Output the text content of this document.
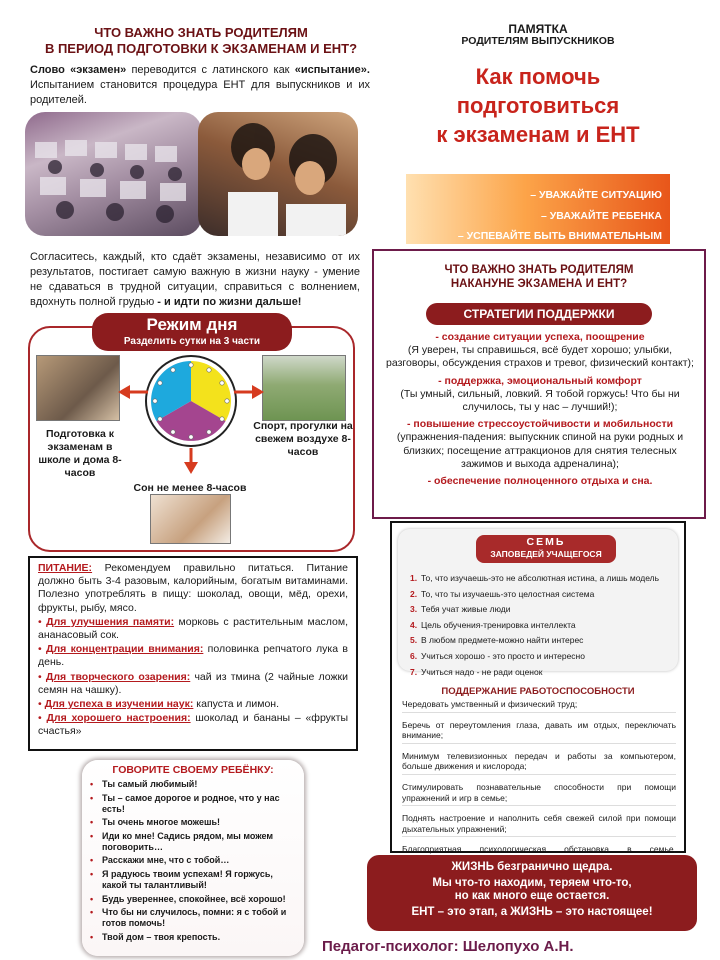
ЧТО ВАЖНО ЗНАТЬ РОДИТЕЛЯМ
В ПЕРИОД ПОДГОТОВКИ К ЭКЗАМЕНАМ И ЕНТ?
Слово «экзамен» переводится с латинского как «испытание». Испытанием становится процедура ЕНТ для выпускников и их родителей.
Согласитесь, каждый, кто сдаёт экзамены, независимо от их результатов, постигает самую важную в жизни науку - умение не сдаваться в трудной ситуации, справиться с волнением, вдохнуть полной грудью - и идти по жизни дальше!
Режим дня
Разделить сутки на 3 части
Подготовка к экзаменам в школе и дома 8- часов
Спорт, прогулки на свежем воздухе 8-часов
Сон не менее 8-часов

ПИТАНИЕ: Рекомендуем правильно питаться. Питание должно быть 3-4 разовым, калорийным, богатым витаминами. Полезно употреблять в пищу: шоколад, овощи, мёд, орехи, фрукты, рыбу, мясо.

• Для улучшения памяти: морковь с растительным маслом, ананасовый сок.

• Для концентрации внимания: половинка репчатого лука в день.

• Для творческого озарения: чай из тмина (2 чайные ложки семян на чашку).

• Для успеха в изучении наук: капуста и лимон.

• Для хорошего настроения: шоколад и бананы – «фрукты счастья»

ГОВОРИТЕ СВОЕМУ РЕБЁНКУ:
• Ты самый любимый!
• Ты – самое дорогое и родное, что у нас есть!
• Ты очень многое можешь!
• Иди ко мне! Садись рядом, мы можем поговорить…
• Расскажи мне, что с тобой…
• Я радуюсь твоим успехам! Я горжусь, какой ты талантливый!
• Будь увереннее, спокойнее, всё хорошо!
• Что бы ни случилось, помни: я с тобой и готов помочь!
• Твой дом – твоя крепость.
ПАМЯТКА
РОДИТЕЛЯМ ВЫПУСКНИКОВ
Как помочь
подготовиться
к экзаменам и ЕНТ
– УВАЖАЙТЕ СИТУАЦИЮ
– УВАЖАЙТЕ РЕБЕНКА
– УСПЕВАЙТЕ БЫТЬ ВНИМАТЕЛЬНЫМ
ЧТО ВАЖНО ЗНАТЬ РОДИТЕЛЯМ
НАКАНУНЕ ЭКЗАМЕНА И ЕНТ?
СТРАТЕГИИ ПОДДЕРЖКИ
- создание ситуации успеха, поощрение
(Я уверен, ты справишься, всё будет хорошо; улыбки, разговоры, обсуждения страхов и тревог, физический контакт);
- поддержка, эмоциональный комфорт
(Ты умный, сильный, ловкий. Я тобой горжусь! Что бы ни случилось, ты у нас – лучший!);
- повышение стрессоустойчивости и мобильности
(упражнения-падения: выпускник спиной на руки родных и близких; посещение аттракционов для снятия телесных зажимов и выхода адреналина);
- обеспечение полноценного отдыха и сна.
СЕМЬ
ЗАПОВЕДЕЙ УЧАЩЕГОСЯ
1. То, что изучаешь-это не абсолютная истина, а лишь модель
2. То, что ты изучаешь-это целостная система
3. Тебя учат живые люди
4. Цель обучения-тренировка интеллекта
5. В любом предмете-можно найти интерес
6. Учиться хорошо - это просто и интересно
7. Учиться надо - не ради оценок
ПОДДЕРЖАНИЕ РАБОТОСПОСОБНОСТИ

Чередовать умственный и физический труд;

Беречь от переутомления глаза, давать им отдых, переключать внимание;

Минимум телевизионных передач и работы за компьютером, больше движения и кислорода;

Стимулировать познавательные способности при помощи упражнений и игр в семье;

Поднять настроение и наполнить себя свежей силой при помощи дыхательных упражнений;

Благоприятная психологическая обстановка в семье,

ЖИЗНЬ безгранично щедра.
Мы что-то находим, теряем что-то,
но как много еще остается.
ЕНТ – это этап, а ЖИЗНЬ – это настоящее!
Педагог-психолог: Шелопухо А.Н.
